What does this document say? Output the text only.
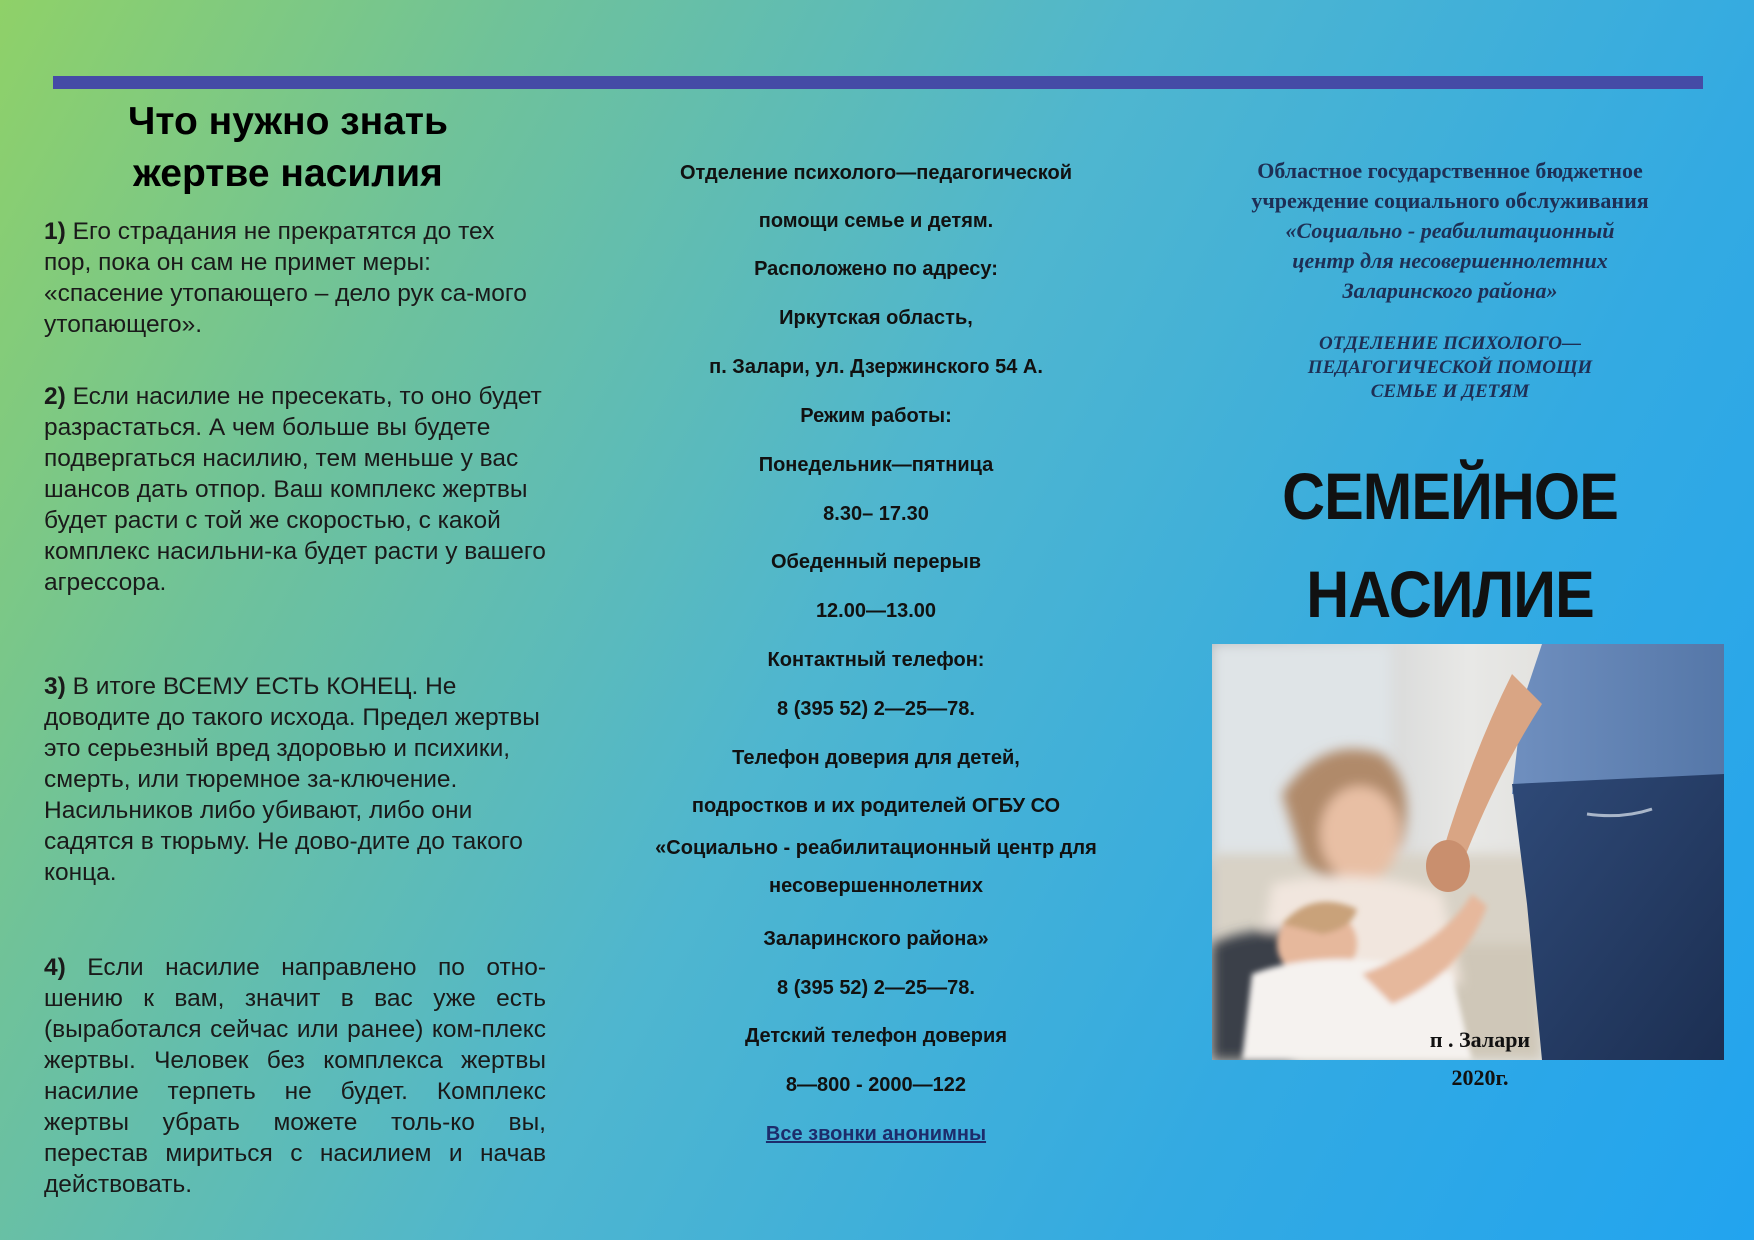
Что нужно знать
жертве насилия
1) Его страдания не прекратятся до тех пор, пока он сам не примет меры: «спасение утопающего – дело рук са-мого утопающего».
2) Если насилие не пресекать, то оно будет разрастаться. А чем больше вы будете подвергаться насилию, тем меньше у вас шансов дать отпор. Ваш комплекс жертвы будет расти с той же скоростью, с какой комплекс насильни-ка будет расти у вашего агрессора.
3) В итоге ВСЕМУ ЕСТЬ КОНЕЦ. Не доводите до такого исхода. Предел жертвы это серьезный вред здоровью и психики, смерть, или тюремное за-ключение. Насильников либо убивают, либо они садятся в тюрьму. Не дово-дите до такого конца.
4) Если насилие направлено по отно-шению к вам, значит в вас уже есть (выработался сейчас или ранее) ком-плекс жертвы. Человек без комплекса жертвы насилие терпеть не будет. Комплекс жертвы убрать можете толь-ко вы, перестав мириться с насилием и начав действовать.
Отделение психолого—педагогической
помощи семье и детям.
Расположено по адресу:
Иркутская область,
п. Залари, ул. Дзержинского 54 А.
Режим работы:
Понедельник—пятница
8.30– 17.30
Обеденный перерыв
12.00—13.00
Контактный телефон:
8 (395 52) 2—25—78.
Телефон доверия для детей,
подростков и их родителей ОГБУ СО
«Социально - реабилитационный центр для
несовершеннолетних
Заларинского района»
8 (395 52) 2—25—78.
Детский телефон доверия
8—800 - 2000—122
Все звонки анонимны
Областное государственное бюджетное
учреждение социального обслуживания
«Социально - реабилитационный
центр для несовершеннолетних
Заларинского района»
ОТДЕЛЕНИЕ ПСИХОЛОГО—
ПЕДАГОГИЧЕСКОЙ ПОМОЩИ
СЕМЬЕ И ДЕТЯМ
СЕМЕЙНОЕ
НАСИЛИЕ
п . Залари
2020г.
